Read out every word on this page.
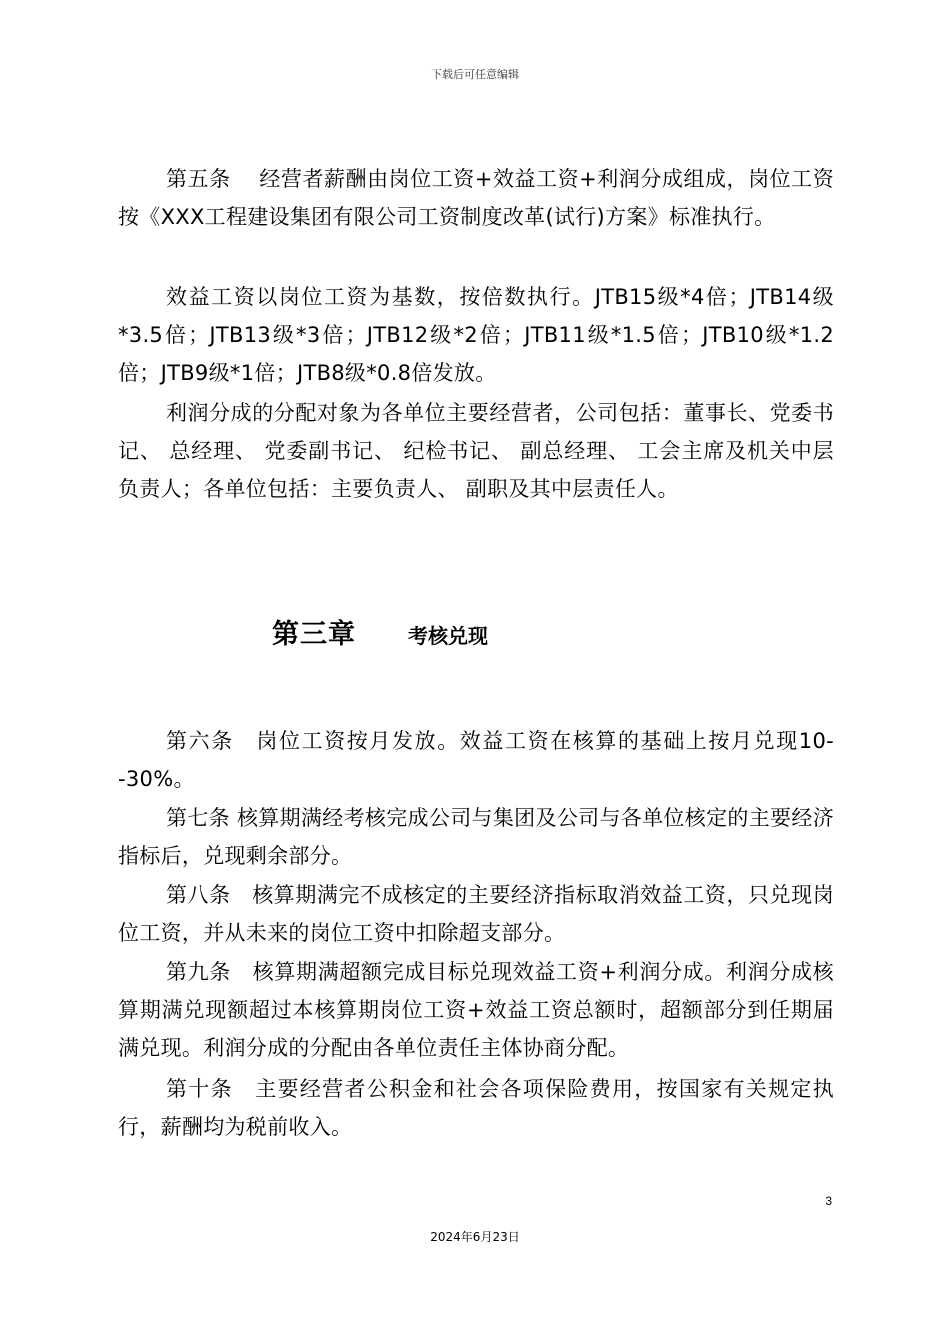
下载后可任意编辑

第五条　 经营者薪酬由岗位工资+效益工资+利润分成组成，岗位工资按《XXX工程建设集团有限公司工资制度改革(试行)方案》标准执行。

效益工资以岗位工资为基数，按倍数执行。JTB15级*4倍；JTB14级*3.5倍；JTB13级*3倍；JTB12级*2倍；JTB11级*1.5倍；JTB10级*1.2倍；JTB9级*1倍；JTB8级*0.8倍发放。

利润分成的分配对象为各单位主要经营者，公司包括：董事长、党委书记、 总经理、 党委副书记、 纪检书记、 副总经理、 工会主席及机关中层负责人；各单位包括：主要负责人、 副职及其中层责任人。

第三章	考核兑现

第六条　岗位工资按月发放。效益工资在核算的基础上按月兑现10--30%。

第七条 核算期满经考核完成公司与集团及公司与各单位核定的主要经济指标后，兑现剩余部分。

第八条　核算期满完不成核定的主要经济指标取消效益工资，只兑现岗位工资，并从未来的岗位工资中扣除超支部分。

第九条　核算期满超额完成目标兑现效益工资+利润分成。利润分成核算期满兑现额超过本核算期岗位工资+效益工资总额时，超额部分到任期届满兑现。利润分成的分配由各单位责任主体协商分配。

第十条　主要经营者公积金和社会各项保险费用，按国家有关规定执行，薪酬均为税前收入。

3
2024年6月23日
